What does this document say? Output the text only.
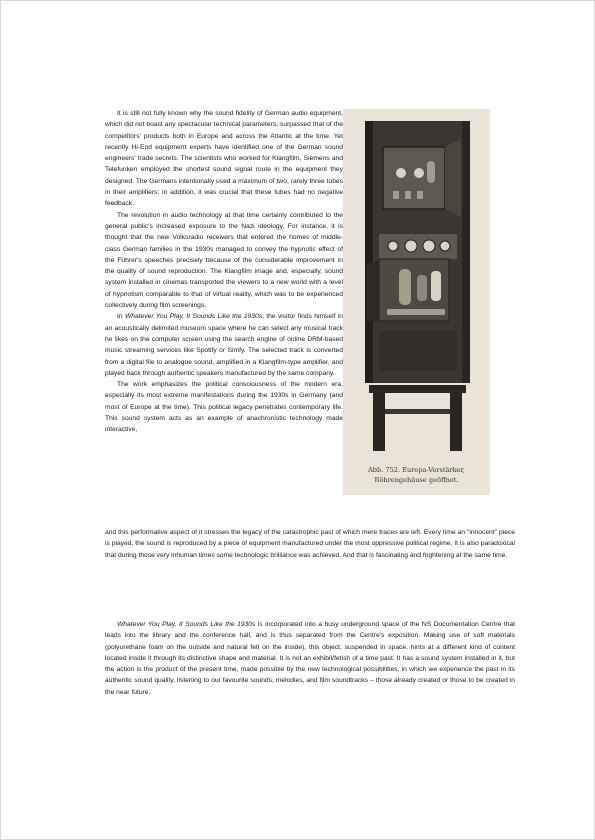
It is still not fully known why the sound fidelity of German audio equipment, which did not boast any spectacular technical parameters, surpassed that of the competitors' products both in Europe and across the Atlantic at the time. Yet recently Hi-End equipment experts have identified one of the German sound engineers' trade secrets. The scientists who worked for Klangfilm, Siemens and Telefunken employed the shortest sound signal route in the equipment they designed. The Germans intentionally used a maximum of two, rarely three tubes in their amplifiers; in addition, it was crucial that these tubes had no negative feedback.

The revolution in audio technology at that time certainly contributed to the general public's increased exposure to the Nazi ideology. For instance, it is thought that the new Volksradio receivers that entered the homes of middle-class German families in the 1930s managed to convey the hypnotic effect of the Führer's speeches precisely because of the considerable improvement in the quality of sound reproduction. The Klangfilm image and, especially, sound system installed in cinemas transported the viewers to a new world with a level of hypnotism comparable to that of virtual reality, which was to be experienced collectively during film screenings.

In Whatever You Play, It Sounds Like the 1930s, the visitor finds himself in an acoustically delimited museum space where he can select any musical track he likes on the computer screen using the search engine of online DRM-based music streaming services like Spotify or Simfy. The selected track is converted from a digital file to analogue sound, amplified in a Klangfilm-type amplifier, and played back through authentic speakers manufactured by the same company.

The work emphasizes the political consciousness of the modern era, especially its most extreme manifestations during the 1930s in Germany (and most of Europe at the time). This political legacy penetrates contemporary life. This sound system acts as an example of anachronistic technology made interactive,

Abb. 752. Europa-Verstärker,
Röhrengehäuse geöffnet.

and this performative aspect of it stresses the legacy of the catastrophic past of which mere traces are left. Every time an "innocent" piece is played, the sound is reproduced by a piece of equipment manufactured under the most oppressive political regime. It is also paradoxical that during those very inhuman times some technologic brilliance was achieved. And that is fascinating and frightening at the same time.

Whatever You Play, It Sounds Like the 1930s is incorporated into a busy underground space of the NS Documentation Centre that leads into the library and the conference hall, and is thus separated from the Centre's exposition. Making use of soft materials (polyurethane foam on the outside and natural felt on the inside), this object, suspended in space, hints at a different kind of content located inside it through its distinctive shape and material. It is not an exhibit/fetish of a time past. It has a sound system installed in it, but the action is the product of the present time, made possible by the new technological possibilities, in which we experience the past in its authentic sound quality, listening to our favourite sounds, melodies, and film soundtracks – those already created or those to be created in the near future.
